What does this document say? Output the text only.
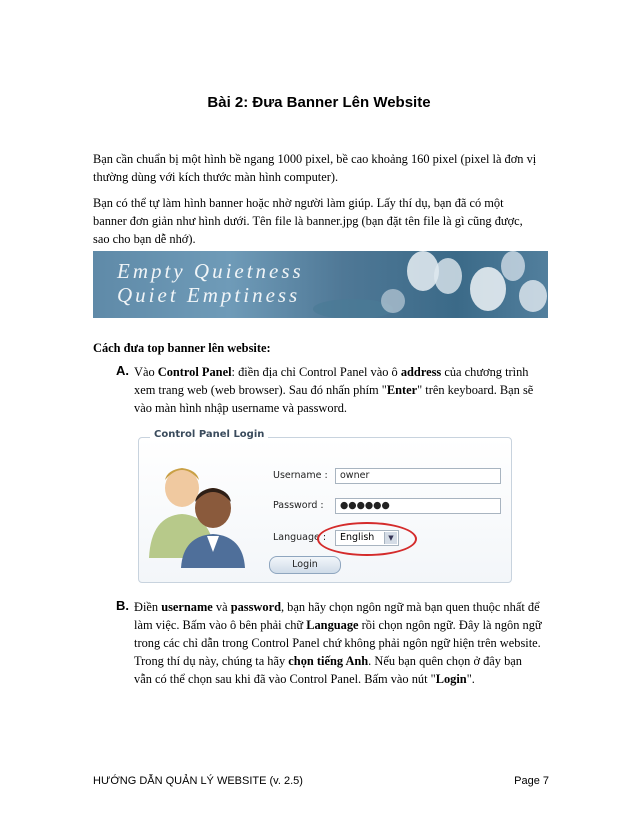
Bài 2: Đưa Banner Lên Website
Bạn cần chuẩn bị một hình bề ngang 1000 pixel, bề cao khoảng 160 pixel (pixel là đơn vị
thường dùng với kích thước màn hình computer).
Bạn có thể tự làm hình banner hoặc nhờ người làm giúp. Lấy thí dụ, bạn đã có một
banner đơn giản như hình dưới. Tên file là banner.jpg (bạn đặt tên file là gì cũng được,
sao cho bạn dễ nhớ).
Empty Quietness
Quiet Emptiness
Cách đưa top banner lên website:
A. Vào Control Panel: điền địa chỉ Control Panel vào ô address của chương trình
xem trang web (web browser). Sau đó nhấn phím "Enter" trên keyboard. Bạn sẽ
vào màn hình nhập username và password.
Username :	owner
Password :	●●●●●●
Language :	English	▼
Login
Control Panel Login
B. Điền username và password, bạn hãy chọn ngôn ngữ mà bạn quen thuộc nhất để
làm việc. Bấm vào ô bên phải chữ Language rồi chọn ngôn ngữ. Đây là ngôn ngữ
trong các chỉ dẫn trong Control Panel chứ không phải ngôn ngữ hiện trên website.
Trong thí dụ này, chúng ta hãy chọn tiếng Anh. Nếu bạn quên chọn ở đây bạn
vẫn có thể chọn sau khi đã vào Control Panel. Bấm vào nút "Login".
HƯỚNG DẪN QUẢN LÝ WEBSITE (v. 2.5)	Page 7
